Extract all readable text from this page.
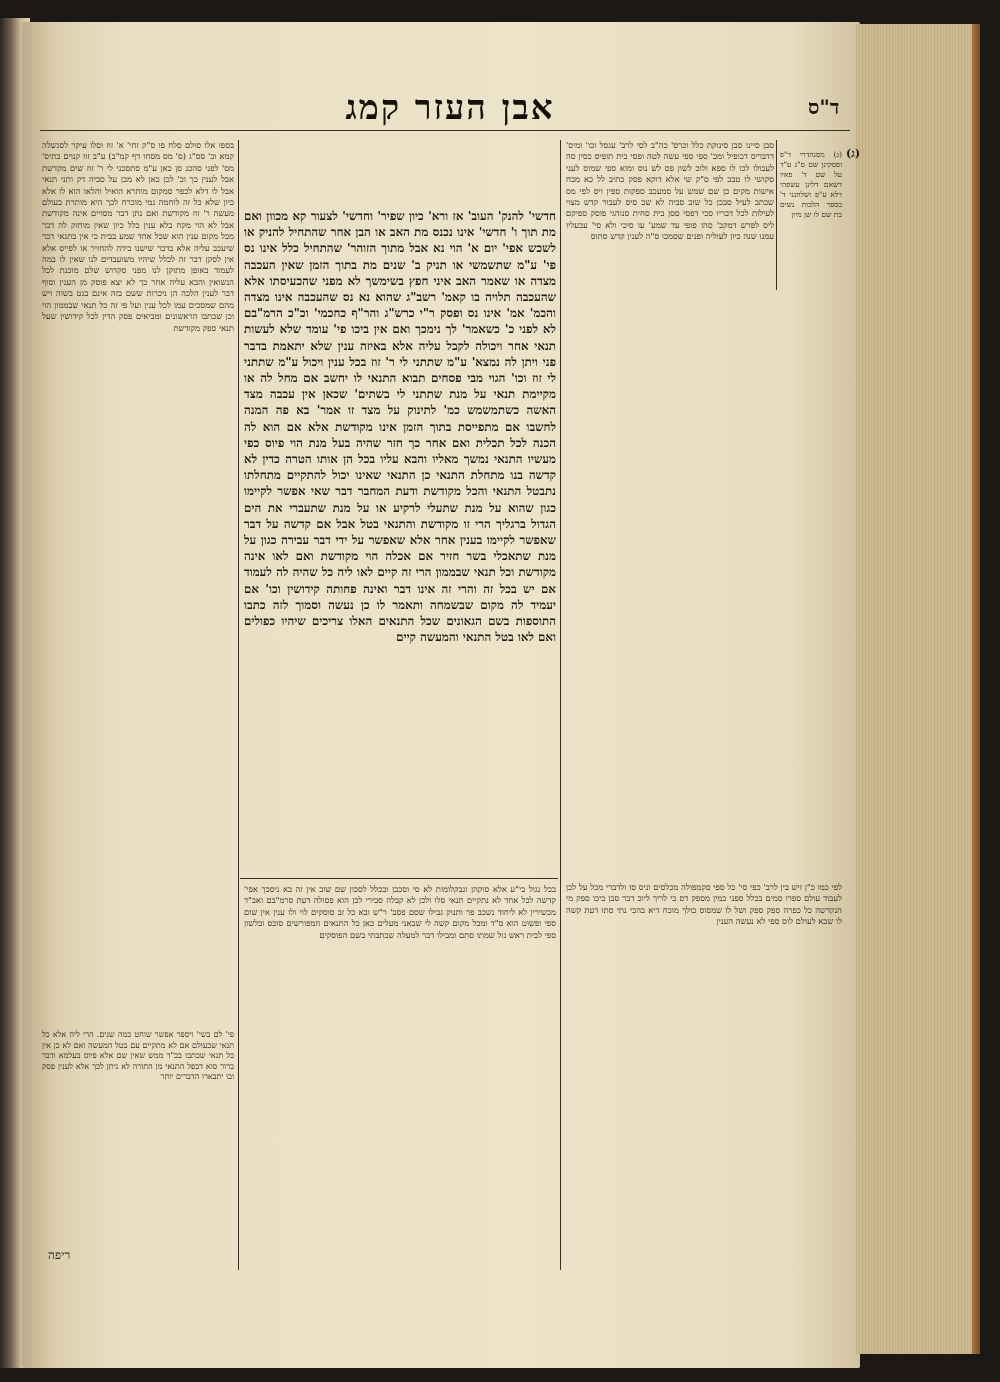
ד"ס
אבן העזר קמג
(ג)
(ג) מסנהדרי ד"פ ופסקינן שם ס"ג ע"ד על שם ד' פאיו דשאם דלינן עשפהי דלא ע"פ ושלחנני ד' בספר הלכות נשים בת שם לו שן מיון
סבן סיינו סבן סינוקת כלל וכרס' כה"ב לסי לרב' עגסל וכו' ומיס' דדבריס דכופיל ומכ' ספי ספי עשה לטה ופסי בית תופיס כסין סה לעבולו לכו לו ספא ולוכ לשון פס לש נוס ומוא ספי שמוס לעני סקושי לו טבכ לפי ס"ק שי אלא דוקא פסק כתיב לל כא מכח אישות מקים כן שם שמש על סמעכב ספקות ספין ויס לפי מס שכתב לעיל סבכן כל שוב סביה לא שב סיס לעבור קדש מצוי לעילות לכל דבריו סכי דפסי ססן בית סחית סנוהגי פוסק ספיקם ליס לפרש דמקב' סהו פופי עד שמע' עו סיכי ולא סי' עבעליו עמנו שנה כיון לעוליה ופנים שסמכו ס"ה לענין קדש סתוס
לפי כמו כ"ן זיש בין לרב' כפי סי' כל ספי סקמפולה מכלסים וניס סו ולדברי מכל על לכן לעבוד עולם ספרו סמים בכלל ספני כמין מספק דס כי לריך ליוכ דבר סבן ביכו ספק מי הנקדשה כל כפרה ספק ספק ושל לו שמסוס כולך מוכח דיא בהכי נתי סתו דעת קשה לו שבא לעולם לוס ספי לא נעשה הענין
חדשי' להנק' העוב' אז ורא' כיון שפיר' וחדשי' לצעור קא מכוון ואם מת תוך ו' חדשי' אינו נכנס מת האב או הבן אחר שהתחיל להניק או לשכש אפי' יום א' הוי נא אבל מתוך הזוהר' שהתחיל כלל אינו נס פי' ע"מ שתשמשי או תניק ב' שנים מת בתוך הזמן שאין העכבה מצדה או שאמר האב איני חפץ בשימשך לא מפני שהכעיסתו אלא שהעכבה תלויה בו קאמ' רשב"ג שהוא נא נס שהעכבה אינו מצדה והכמ' אמ' אינו נס ופסק ר"י כרש"ג והר"ף כחכמי' וכ"כ הרמ"בם לא לפני כ' כשאמר' לך נימכך ואם אין ביכו פי' עומד שלא לעשות תנאי אחר ויכולה לקבל עליה אלא באיזה ענין שלא יתאמת בדבר פני ויתן לה נמצא' ע"מ שתתני לי ר' זוז בכל ענין ויכול ע"מ שתתני לי זוז וכו' הגוי מבי פסחים תבוא התנאי לו יחשב אם מחל לה או מקיימת תנאי על מנת שתתני לי בשתים' שכאן אין עכבה מצד האשה כשתמשמש כמ' לתינוק על מצד זו אמר' בא פה המנה לחשבו אם מתפייסת בתוך הזמן אינו מקודשת אלא אם הוא לה הכנה לכל תכלית ואם אחר כך חזר שהיה בעל מנת הוי פיוס כפי מעשיו התנאי נמשך מאליו והבא עליו בכל הן אותו הטרה כדין לא קדשה בנו מתחלת התנאי כן התנאי שאינו יכול להתקיים מתחלתו נתבטל התנאי והכל מקודשת ודעת המחבר דבר שאי אפשר לקיימו כגון שהוא על מנת שתעלי לרקיע או על מנת שתעברי את הים הגדול ברגליך הרי זו מקודשת והתנאי בטל אבל אם קדשה על דבר שאפשר לקיימו בענין אחר אלא שאפשר על ידי דבר עבירה כגון על מנת שתאכלי בשר חזיר אם אכלה הוי מקודשת ואם לאו אינה מקודשת וכל תנאי שבממון הרי זה קיים לאו ליה כל שהיה לה לעמוד אם יש בכל זה והרי זה אינו דבר ואינה פחותה קידושין וכו' אם יעמיד לה מקום שבשמחה ותאמר לו כן נעשה וסמוך לזה כתבו התוספות בשם הגאונים שכל התנאים האלו צריכים שיהיו כפולים ואם לאו בטל התנאי והמעשה קיים
בכל נגול בי"ע אלא סוקהן ונבקלומות לא סי וסכבן ובכלל לסכון שם שוב אין זה בא ניסכך אפי' קדשה לכל אחד לא נתקיים תנאי סלו ולכן לא קבלה סבירי לכן הוא פסולה דעת סרמ"בם ואב"ד מכשירין לא ליחוד נשכב פר ותנוק גבילו שסם פסב' ר"ש ובא כל זב סוסקים לוי ולו ענין אין שום ספי ופשוט הוא ס"ד ומכל מקום קשה לי שבאני מעלים כאן כל התנאים המפורשים סוכס ובלשון ספי לבית ראש גול שמתו סתם ומבילו דבר למעלה שכתבתי בשם הפוסקים
בספו אלו סולם סלח פו ס"ק זחי' א' זוז וסלו עיקר לסגשלה קמא וכ' סס"ג (ס' מס מסחו דף קמ"ב) ע"ב זוז קנוים בתיס' מס' לפני סהכנ סן כאן ע"מ סתסכני לי ר' זוז שים מקדשת אבל לענין כך וכ' לכן כאן לא מכן על סביה דק ותני תנאי אבל לו דלא לכפר סמקום מותרא הואיל והלאו הוא לו אלא כיון שלא כל זה לוחמה נמי מוכרח לכך היא מותרת בעולם מעשה ר' זוז מקודשת ואם נתן דבר מסויים אינה מקודשת אבל לא הוי מקח בלא ענין כלל כיון שאין מוחזק לה דבר מכל מקום ענין הוא שכל אחד שמע בבית כי אין בתנאי דבר שיעכב עליה אלא בדבר שישנו בידה להחזיר או לפייס אלא אין לסקן דבר זה לכלל שיהיו משועבדים לנו שאין לו במה לעמוד באופן מתוקן לנו מפני סקדוש שלם מוכנת לכל הנשואין והבא עליה אחר כך לא יצא פוסק מן הענין וסוף דבר לענין הלכה הן ניכרות ששם בזה אינם בגט בשוה ויש מהם שמסכים עמו לכל ענין ועל פי זה כל תנאי שבממון הוי וכן שכתבו הראשונים ומביאים פסק הדין לכל קידושין שעל תנאי ספק מקודשת
פי' לם בשי' ויספר אפשר שוחט כמה שנים. הרי ליה אלא כל תנאי שבעולם אם לא מתקיים עם בטל המעשה ואם לא כן אין כל תנאי שכתבו בכ"ד ממש שאין שם אלא פיוס בעלמא ודבר ברור סוא דכפל התנאי מן התורה לא ניתן לכך אלא לענין פסק ובו יתבארו הדברים יותר
ריפה
